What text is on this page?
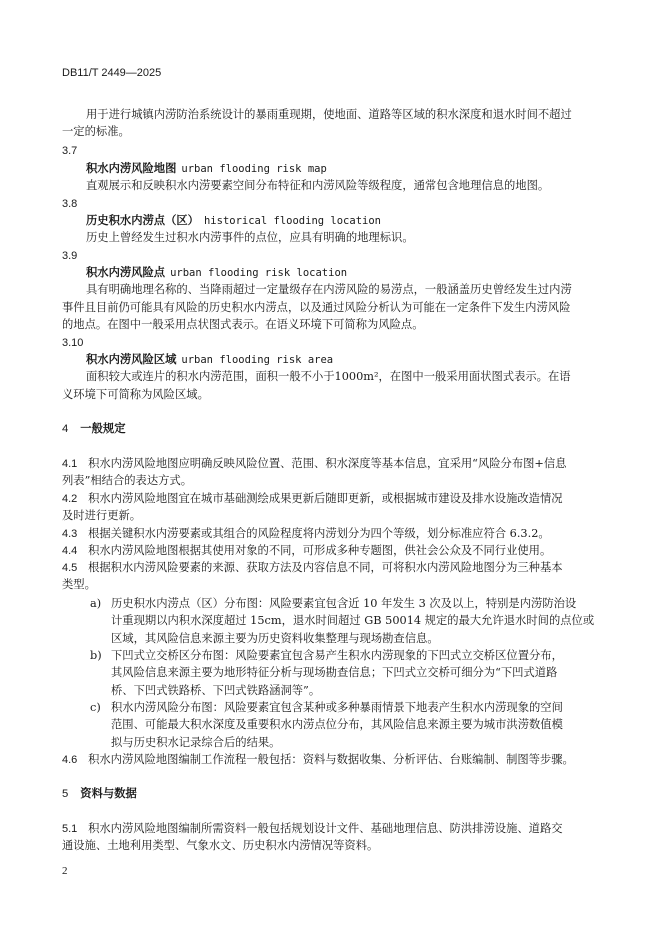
DB11/T 2449—2025
用于进行城镇内涝防治系统设计的暴雨重现期，使地面、道路等区域的积水深度和退水时间不超过
一定的标准。
3.7
积水内涝风险地图 urban flooding risk map
直观展示和反映积水内涝要素空间分布特征和内涝风险等级程度，通常包含地理信息的地图。
3.8
历史积水内涝点（区） historical flooding location
历史上曾经发生过积水内涝事件的点位，应具有明确的地理标识。
3.9
积水内涝风险点 urban flooding risk location
具有明确地理名称的、当降雨超过一定量级存在内涝风险的易涝点，一般涵盖历史曾经发生过内涝
事件且目前仍可能具有风险的历史积水内涝点，以及通过风险分析认为可能在一定条件下发生内涝风险
的地点。在图中一般采用点状图式表示。在语义环境下可简称为风险点。
3.10
积水内涝风险区域 urban flooding risk area
面积较大或连片的积水内涝范围，面积一般不小于1000m²，在图中一般采用面状图式表示。在语
义环境下可简称为风险区域。
4 一般规定
4.1 积水内涝风险地图应明确反映风险位置、范围、积水深度等基本信息，宜采用“风险分布图+信息
列表”相结合的表达方式。
4.2 积水内涝风险地图宜在城市基础测绘成果更新后随即更新，或根据城市建设及排水设施改造情况
及时进行更新。
4.3 根据关键积水内涝要素或其组合的风险程度将内涝划分为四个等级，划分标准应符合 6.3.2。
4.4 积水内涝风险地图根据其使用对象的不同，可形成多种专题图，供社会公众及不同行业使用。
4.5 根据积水内涝风险要素的来源、获取方法及内容信息不同，可将积水内涝风险地图分为三种基本
类型。
a) 历史积水内涝点（区）分布图：风险要素宜包含近 10 年发生 3 次及以上，特别是内涝防治设
计重现期以内积水深度超过 15cm，退水时间超过 GB 50014 规定的最大允许退水时间的点位或
区域，其风险信息来源主要为历史资料收集整理与现场勘查信息。
b) 下凹式立交桥区分布图：风险要素宜包含易产生积水内涝现象的下凹式立交桥区位置分布，
其风险信息来源主要为地形特征分析与现场勘查信息；下凹式立交桥可细分为“下凹式道路
桥、下凹式铁路桥、下凹式铁路涵洞等”。
c) 积水内涝风险分布图：风险要素宜包含某种或多种暴雨情景下地表产生积水内涝现象的空间
范围、可能最大积水深度及重要积水内涝点位分布，其风险信息来源主要为城市洪涝数值模
拟与历史积水记录综合后的结果。
4.6 积水内涝风险地图编制工作流程一般包括：资料与数据收集、分析评估、台账编制、制图等步骤。
5 资料与数据
5.1 积水内涝风险地图编制所需资料一般包括规划设计文件、基础地理信息、防洪排涝设施、道路交
通设施、土地利用类型、气象水文、历史积水内涝情况等资料。
2
